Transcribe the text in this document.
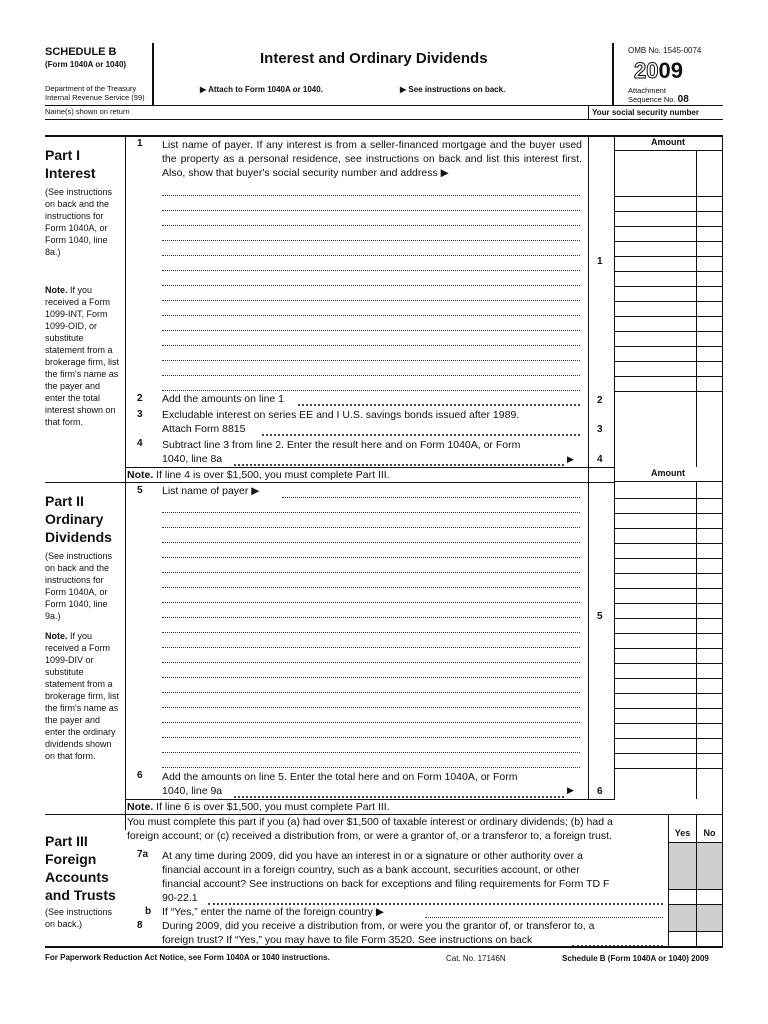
SCHEDULE B
(Form 1040A or 1040)
Department of the Treasury
Internal Revenue Service (99)
Interest and Ordinary Dividends
▶ Attach to Form 1040A or 1040.	▶ See instructions on back.
OMB No. 1545-0074
2009
Attachment
Sequence No. 08
Name(s) shown on return	Your social security number
Part I
Interest
(See instructions on back and the instructions for Form 1040A, or Form 1040, line 8a.)
Note. If you received a Form 1099-INT, Form 1099-OID, or substitute statement from a brokerage firm, list the firm's name as the payer and enter the total interest shown on that form.
1 List name of payer. If any interest is from a seller-financed mortgage and the buyer used the property as a personal residence, see instructions on back and list this interest first. Also, show that buyer's social security number and address ▶
Amount
1
2 Add the amounts on line 1	2
3 Excludable interest on series EE and I U.S. savings bonds issued after 1989.
Attach Form 8815	3
4 Subtract line 3 from line 2. Enter the result here and on Form 1040A, or Form
1040, line 8a	▶ 4
Note. If line 4 is over $1,500, you must complete Part III.
Part II
Ordinary
Dividends
(See instructions on back and the instructions for Form 1040A, or Form 1040, line 9a.)
Note. If you received a Form 1099-DIV or substitute statement from a brokerage firm, list the firm's name as the payer and enter the ordinary dividends shown on that form.
Amount
5 List name of payer ▶
5
6 Add the amounts on line 5. Enter the total here and on Form 1040A, or Form
1040, line 9a	▶ 6
Note. If line 6 is over $1,500, you must complete Part III.
Part III
Foreign
Accounts
and Trusts
(See instructions on back.)
You must complete this part if you (a) had over $1,500 of taxable interest or ordinary dividends; (b) had a
foreign account; or (c) received a distribution from, or were a grantor of, or a transferor to, a foreign trust.	Yes	No
7a At any time during 2009, did you have an interest in or a signature or other authority over a
financial account in a foreign country, such as a bank account, securities account, or other
financial account? See instructions on back for exceptions and filing requirements for Form TD F
90-22.1
b If “Yes,” enter the name of the foreign country ▶
8 During 2009, did you receive a distribution from, or were you the grantor of, or transferor to, a
foreign trust? If “Yes,” you may have to file Form 3520. See instructions on back
For Paperwork Reduction Act Notice, see Form 1040A or 1040 instructions.	Cat. No. 17146N	Schedule B (Form 1040A or 1040) 2009
